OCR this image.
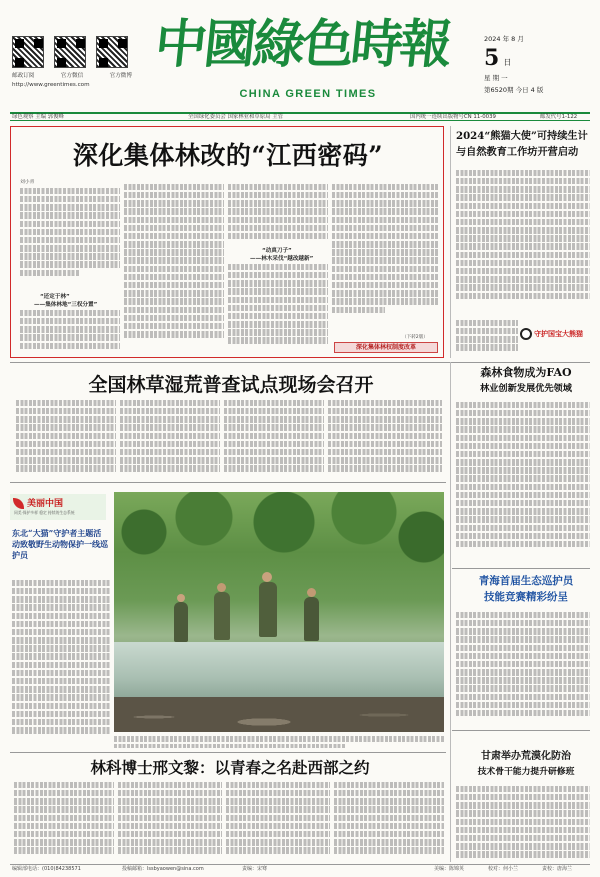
邮政订阅	官方微信	官方微博
http://www.greentimes.com
中國綠色時報
CHINA GREEN TIMES
2024 年 8 月
5 日
星 期 一
第6520期 今日 4 版
绿色观察 主编 郭俊峰	全国绿化委员会 国家林业和草原局 主管	国内统一连续出版物号CN 11-0039	邮发代号1-122
深化集体林改的“江西密码”
刘小青
“还定于林”
——集体林地“三权分置”
“动真刀子”
——林木采伐“越改越新”
（下转2版）
深化集体林权制度改革
2024“熊猫大使”可持续生计
与自然教育工作坊开营启动
守护国宝大熊猫
全国林草湿荒普查试点现场会召开
森林食物成为FAO
林业创新发展优先领域
美丽中国
同美·保护多样 稳定 持续的生态系统
东北“大猫”守护者主题活动致敬野生动物保护一线巡护员
青海首届生态巡护员
技能竞赛精彩纷呈
甘肃举办荒漠化防治
技术骨干能力提升研修班
林科博士邢文黎：以青春之名赴西部之约
编辑部电话：(010)84238571	投稿邮箱：lssbyaowen@sina.com	责编：宋骞	美编：陈锦英	校对：何小兰	责校：唐海兰
